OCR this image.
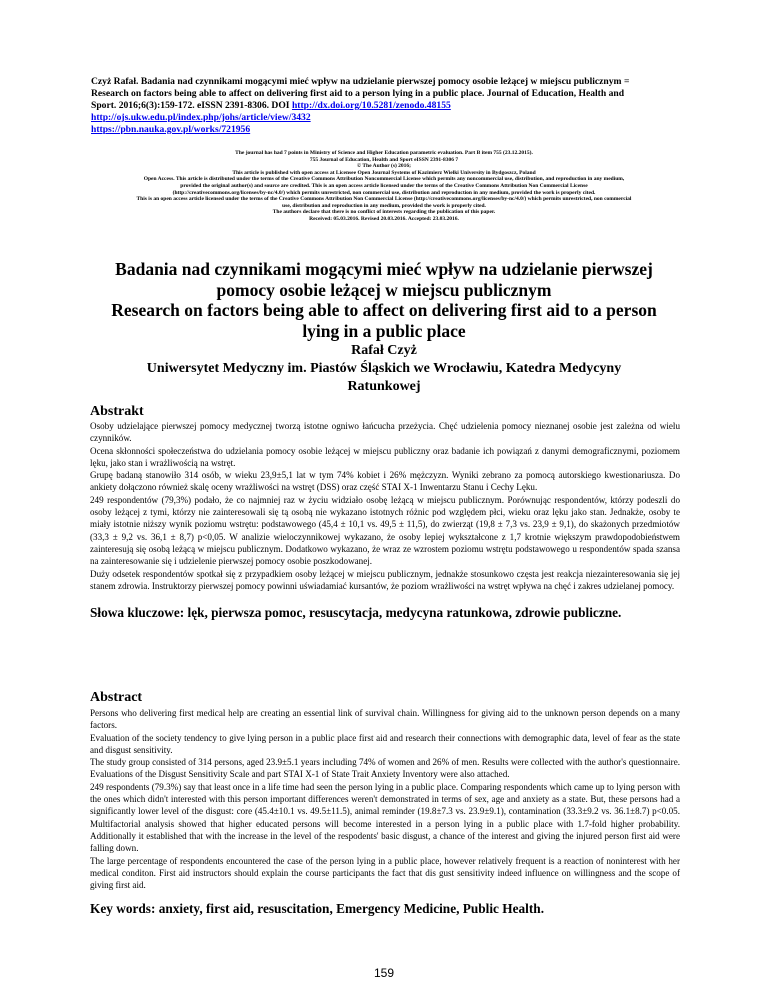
Czyż Rafał. Badania nad czynnikami mogącymi mieć wpływ na udzielanie pierwszej pomocy osobie leżącej w miejscu publicznym =
Research on factors being able to affect on delivering first aid to a person lying in a public place. Journal of Education, Health and
Sport. 2016;6(3):159-172. eISSN 2391-8306. DOI http://dx.doi.org/10.5281/zenodo.48155
http://ojs.ukw.edu.pl/index.php/johs/article/view/3432
https://pbn.nauka.gov.pl/works/721956
The journal has had 7 points in Ministry of Science and Higher Education parametric evaluation. Part B item 755 (23.12.2015).
755 Journal of Education, Health and Sport eISSN 2391-8306 7
© The Author (s) 2016;
This article is published with open access at Licensee Open Journal Systems of Kazimierz Wielki University in Bydgoszcz, Poland
Open Access. This article is distributed under the terms of the Creative Commons Attribution Noncommercial License which permits any noncommercial use, distribution, and reproduction in any medium,
provided the original author(s) and source are credited. This is an open access article licensed under the terms of the Creative Commons Attribution Non Commercial License
(http://creativecommons.org/licenses/by-nc/4.0/) which permits unrestricted, non commercial use, distribution and reproduction in any medium, provided the work is properly cited.
This is an open access article licensed under the terms of the Creative Commons Attribution Non Commercial License (http://creativecommons.org/licenses/by-nc/4.0/) which permits unrestricted, non commercial
use, distribution and reproduction in any medium, provided the work is properly cited.
The authors declare that there is no conflict of interests regarding the publication of this paper.
Received: 05.03.2016. Revised 20.03.2016. Accepted: 23.03.2016.
Badania nad czynnikami mogącymi mieć wpływ na udzielanie pierwszej
pomocy osobie leżącej w miejscu publicznym
Research on factors being able to affect on delivering first aid to a person
lying in a public place
Rafał Czyż
Uniwersytet Medyczny im. Piastów Śląskich we Wrocławiu, Katedra Medycyny
Ratunkowej
Abstrakt

Osoby udzielające pierwszej pomocy medycznej tworzą istotne ogniwo łańcucha przeżycia. Chęć udzielenia pomocy nieznanej osobie jest zależna od wielu czynników.

Ocena skłonności społeczeństwa do udzielania pomocy osobie leżącej w miejscu publiczny oraz badanie ich powiązań z danymi demograficznymi, poziomem lęku, jako stan i wrażliwością na wstręt.

Grupę badaną stanowiło 314 osób, w wieku 23,9±5,1 lat w tym 74% kobiet i 26% mężczyzn. Wyniki zebrano za pomocą autorskiego kwestionariusza. Do ankiety dołączono również skalę oceny wrażliwości na wstręt (DSS) oraz część STAI X-1 Inwentarzu Stanu i Cechy Lęku.

249 respondentów (79,3%) podało, że co najmniej raz w życiu widziało osobę leżącą w miejscu publicznym. Porównując respondentów, którzy podeszli do osoby leżącej z tymi, którzy nie zainteresowali się tą osobą nie wykazano istotnych różnic pod względem płci, wieku oraz lęku jako stan. Jednakże, osoby te miały istotnie niższy wynik poziomu wstrętu: podstawowego (45,4 ± 10,1 vs. 49,5 ± 11,5), do zwierząt (19,8 ± 7,3 vs. 23,9 ± 9,1), do skażonych przedmiotów (33,3 ± 9,2 vs. 36,1 ± 8,7) p<0,05. W analizie wieloczynnikowej wykazano, że osoby lepiej wykształcone z 1,7 krotnie większym prawdopodobieństwem zainteresują się osobą leżącą w miejscu publicznym. Dodatkowo wykazano, że wraz ze wzrostem poziomu wstrętu podstawowego u respondentów spada szansa na zainteresowanie się i udzielenie pierwszej pomocy osobie poszkodowanej.

Duży odsetek respondentów spotkał się z przypadkiem osoby leżącej w miejscu publicznym, jednakże stosunkowo częsta jest reakcja niezainteresowania się jej stanem zdrowia. Instruktorzy pierwszej pomocy powinni uświadamiać kursantów, że poziom wrażliwości na wstręt wpływa na chęć i zakres udzielanej pomocy.

Słowa kluczowe: lęk, pierwsza pomoc, resuscytacja, medycyna ratunkowa, zdrowie publiczne.
Abstract

Persons who delivering first medical help are creating an essential link of survival chain. Willingness for giving aid to the unknown person depends on a many factors.

Evaluation of the society tendency to give lying person in a public place first aid and research their connections with demographic data, level of fear as the state and disgust sensitivity.

The study group consisted of 314 persons, aged 23.9±5.1 years including 74% of women and 26% of men. Results were collected with the author's questionnaire. Evaluations of the Disgust Sensitivity Scale and part STAI X-1 of State Trait Anxiety Inventory were also attached.

249 respondents (79.3%) say that least once in a life time had seen the person lying in a public place. Comparing respondents which came up to lying person with the ones which didn't interested with this person important differences weren't demonstrated in terms of sex, age and anxiety as a state. But, these persons had a significantly lower level of the disgust: core (45.4±10.1 vs. 49.5±11.5), animal reminder (19.8±7.3 vs. 23.9±9.1), contamination (33.3±9.2 vs. 36.1±8.7) p<0.05. Multifactorial analysis showed that higher educated persons will become interested in a person lying in a public place with 1.7-fold higher probability. Additionally it established that with the increase in the level of the respodents' basic disgust, a chance of the interest and giving the injured person first aid were falling down.

The large percentage of respondents encountered the case of the person lying in a public place, however relatively frequent is a reaction of noninterest with her medical conditon. First aid instructors should explain the course participants the fact that dis gust sensitivity indeed influence on willingness and the scope of giving first aid.

Key words: anxiety, first aid, resuscitation, Emergency Medicine, Public Health.
159
